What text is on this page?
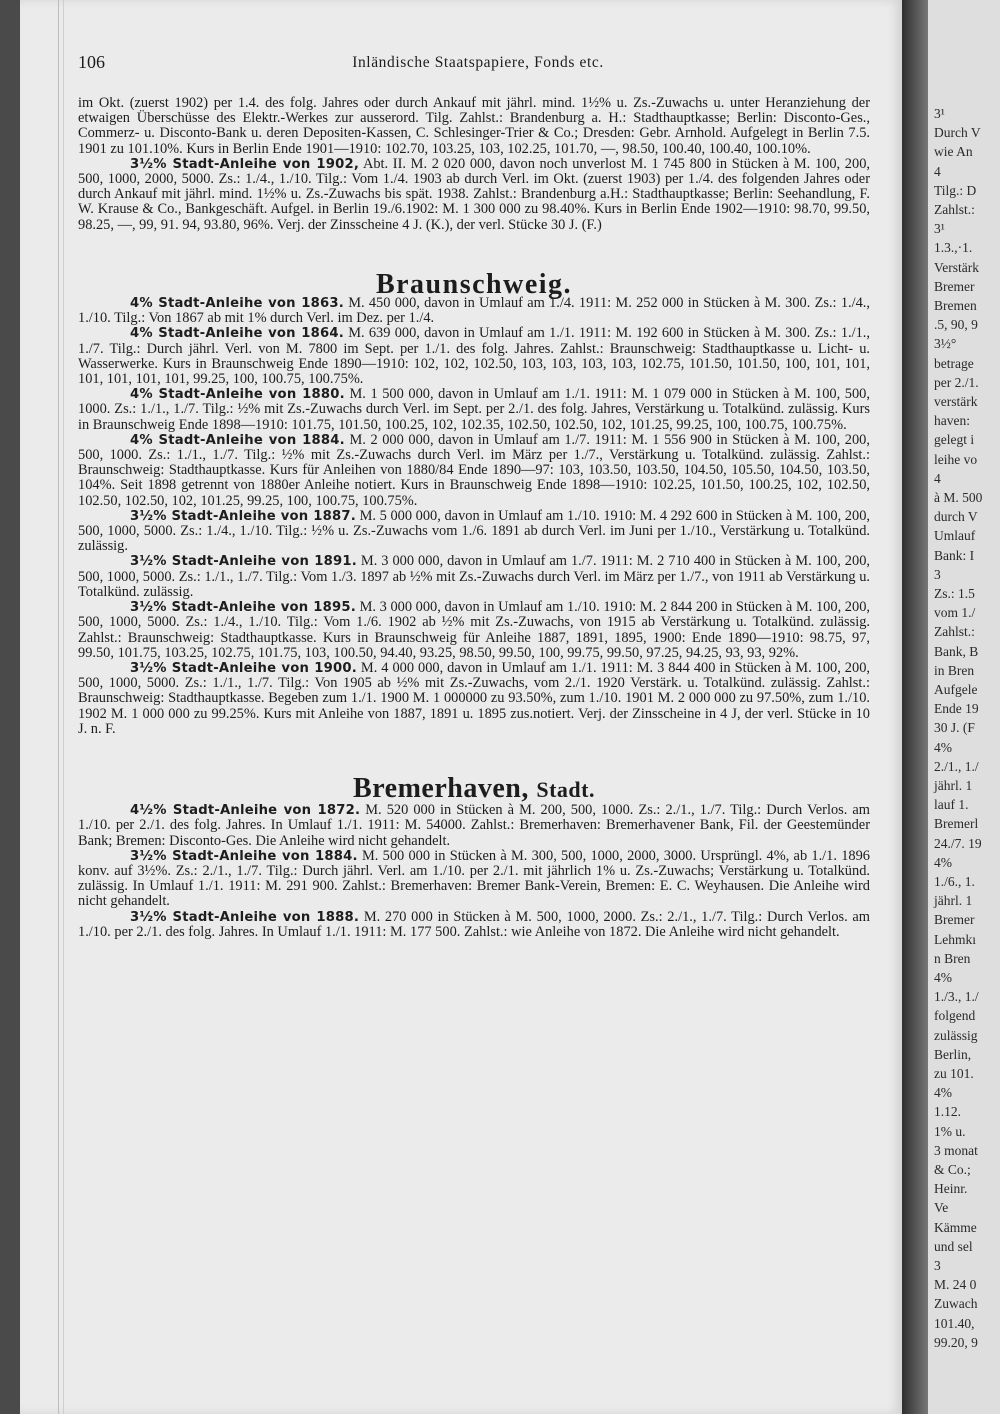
3¹
Durch V
wie An
4
Tilg.: D
Zahlst.:
3¹
1.3.,·1.
Verstärk
Bremer
Bremen
.5, 90, 9
3½°
betrage
per 2./1.
verstärk
haven:
gelegt i
leihe vo
4
à M. 500
durch V
Umlauf
Bank: I
3
Zs.: 1.5
vom 1./
Zahlst.:
Bank, B
in Bren
Aufgele
Ende 19
30 J. (F
4%
2./1., 1./
jährl. 1
lauf 1.
Bremerl
24./7. 19
4%
1./6., 1.
jährl. 1
Bremer
Lehmkı
n Bren
4%
1./3., 1./
folgend
zulässig
Berlin,
zu 101.
4%
1.12.
1% u.
3 monat
& Co.;
Heinr.
Ve
Kämme
und sel
3
M. 24 0
Zuwach
101.40,
99.20, 9
106	Inländische Staatspapiere, Fonds etc.

im Okt. (zuerst 1902) per 1.4. des folg. Jahres oder durch Ankauf mit jährl. mind. 1½% u. Zs.-Zuwachs u. unter Heranziehung der etwaigen Überschüsse des Elektr.-Werkes zur ausserord. Tilg. Zahlst.: Brandenburg a. H.: Stadthauptkasse; Berlin: Disconto-Ges., Commerz- u. Disconto-Bank u. deren Depositen-Kassen, C. Schlesinger-Trier & Co.; Dresden: Gebr. Arnhold. Aufgelegt in Berlin 7.5. 1901 zu 101.10%. Kurs in Berlin Ende 1901—1910: 102.70, 103.25, 103, 102.25, 101.70, —, 98.50, 100.40, 100.40, 100.10%.

3½% Stadt-Anleihe von 1902, Abt. II. M. 2 020 000, davon noch unverlost M. 1 745 800 in Stücken à M. 100, 200, 500, 1000, 2000, 5000. Zs.: 1./4., 1./10. Tilg.: Vom 1./4. 1903 ab durch Verl. im Okt. (zuerst 1903) per 1./4. des folgenden Jahres oder durch Ankauf mit jährl. mind. 1½% u. Zs.-Zuwachs bis spät. 1938. Zahlst.: Brandenburg a.H.: Stadthauptkasse; Berlin: Seehandlung, F. W. Krause & Co., Bankgeschäft. Aufgel. in Berlin 19./6.1902: M. 1 300 000 zu 98.40%. Kurs in Berlin Ende 1902—1910: 98.70, 99.50, 98.25, —, 99, 91. 94, 93.80, 96%. Verj. der Zinsscheine 4 J. (K.), der verl. Stücke 30 J. (F.)

Braunschweig.

4% Stadt-Anleihe von 1863. M. 450 000, davon in Umlauf am 1./4. 1911: M. 252 000 in Stücken à M. 300. Zs.: 1./4., 1./10. Tilg.: Von 1867 ab mit 1% durch Verl. im Dez. per 1./4.

4% Stadt-Anleihe von 1864. M. 639 000, davon in Umlauf am 1./1. 1911: M. 192 600 in Stücken à M. 300. Zs.: 1./1., 1./7. Tilg.: Durch jährl. Verl. von M. 7800 im Sept. per 1./1. des folg. Jahres. Zahlst.: Braunschweig: Stadthauptkasse u. Licht- u. Wasserwerke. Kurs in Braunschweig Ende 1890—1910: 102, 102, 102.50, 103, 103, 103, 103, 102.75, 101.50, 101.50, 100, 101, 101, 101, 101, 101, 101, 99.25, 100, 100.75, 100.75%.

4% Stadt-Anleihe von 1880. M. 1 500 000, davon in Umlauf am 1./1. 1911: M. 1 079 000 in Stücken à M. 100, 500, 1000. Zs.: 1./1., 1./7. Tilg.: ½% mit Zs.-Zuwachs durch Verl. im Sept. per 2./1. des folg. Jahres, Verstärkung u. Totalkünd. zulässig. Kurs in Braunschweig Ende 1898—1910: 101.75, 101.50, 100.25, 102, 102.35, 102.50, 102.50, 102, 101.25, 99.25, 100, 100.75, 100.75%.

4% Stadt-Anleihe von 1884. M. 2 000 000, davon in Umlauf am 1./7. 1911: M. 1 556 900 in Stücken à M. 100, 200, 500, 1000. Zs.: 1./1., 1./7. Tilg.: ½% mit Zs.-Zuwachs durch Verl. im März per 1./7., Verstärkung u. Totalkünd. zulässig. Zahlst.: Braunschweig: Stadthauptkasse. Kurs für Anleihen von 1880/84 Ende 1890—97: 103, 103.50, 103.50, 104.50, 105.50, 104.50, 103.50, 104%. Seit 1898 getrennt von 1880er Anleihe notiert. Kurs in Braunschweig Ende 1898—1910: 102.25, 101.50, 100.25, 102, 102.50, 102.50, 102.50, 102, 101.25, 99.25, 100, 100.75, 100.75%.

3½% Stadt-Anleihe von 1887. M. 5 000 000, davon in Umlauf am 1./10. 1910: M. 4 292 600 in Stücken à M. 100, 200, 500, 1000, 5000. Zs.: 1./4., 1./10. Tilg.: ½% u. Zs.-Zuwachs vom 1./6. 1891 ab durch Verl. im Juni per 1./10., Verstärkung u. Totalkünd. zulässig.

3½% Stadt-Anleihe von 1891. M. 3 000 000, davon in Umlauf am 1./7. 1911: M. 2 710 400 in Stücken à M. 100, 200, 500, 1000, 5000. Zs.: 1./1., 1./7. Tilg.: Vom 1./3. 1897 ab ½% mit Zs.-Zuwachs durch Verl. im März per 1./7., von 1911 ab Verstärkung u. Totalkünd. zulässig.

3½% Stadt-Anleihe von 1895. M. 3 000 000, davon in Umlauf am 1./10. 1910: M. 2 844 200 in Stücken à M. 100, 200, 500, 1000, 5000. Zs.: 1./4., 1./10. Tilg.: Vom 1./6. 1902 ab ½% mit Zs.-Zuwachs, von 1915 ab Verstärkung u. Totalkünd. zulässig. Zahlst.: Braunschweig: Stadthauptkasse. Kurs in Braunschweig für Anleihe 1887, 1891, 1895, 1900: Ende 1890—1910: 98.75, 97, 99.50, 101.75, 103.25, 102.75, 101.75, 103, 100.50, 94.40, 93.25, 98.50, 99.50, 100, 99.75, 99.50, 97.25, 94.25, 93, 93, 92%.

3½% Stadt-Anleihe von 1900. M. 4 000 000, davon in Umlauf am 1./1. 1911: M. 3 844 400 in Stücken à M. 100, 200, 500, 1000, 5000. Zs.: 1./1., 1./7. Tilg.: Von 1905 ab ½% mit Zs.-Zuwachs, vom 2./1. 1920 Verstärk. u. Totalkünd. zulässig. Zahlst.: Braunschweig: Stadthauptkasse. Begeben zum 1./1. 1900 M. 1 000000 zu 93.50%, zum 1./10. 1901 M. 2 000 000 zu 97.50%, zum 1./10. 1902 M. 1 000 000 zu 99.25%. Kurs mit Anleihe von 1887, 1891 u. 1895 zus.notiert. Verj. der Zinsscheine in 4 J, der verl. Stücke in 10 J. n. F.

Bremerhaven, Stadt.

4½% Stadt-Anleihe von 1872. M. 520 000 in Stücken à M. 200, 500, 1000. Zs.: 2./1., 1./7. Tilg.: Durch Verlos. am 1./10. per 2./1. des folg. Jahres. In Umlauf 1./1. 1911: M. 54000. Zahlst.: Bremerhaven: Bremerhavener Bank, Fil. der Geestemünder Bank; Bremen: Disconto-Ges. Die Anleihe wird nicht gehandelt.

3½% Stadt-Anleihe von 1884. M. 500 000 in Stücken à M. 300, 500, 1000, 2000, 3000. Ursprüngl. 4%, ab 1./1. 1896 konv. auf 3½%. Zs.: 2./1., 1./7. Tilg.: Durch jährl. Verl. am 1./10. per 2./1. mit jährlich 1% u. Zs.-Zuwachs; Verstärkung u. Totalkünd. zulässig. In Umlauf 1./1. 1911: M. 291 900. Zahlst.: Bremerhaven: Bremer Bank-Verein, Bremen: E. C. Weyhausen. Die Anleihe wird nicht gehandelt.

3½% Stadt-Anleihe von 1888. M. 270 000 in Stücken à M. 500, 1000, 2000. Zs.: 2./1., 1./7. Tilg.: Durch Verlos. am 1./10. per 2./1. des folg. Jahres. In Umlauf 1./1. 1911: M. 177 500. Zahlst.: wie Anleihe von 1872. Die Anleihe wird nicht gehandelt.
